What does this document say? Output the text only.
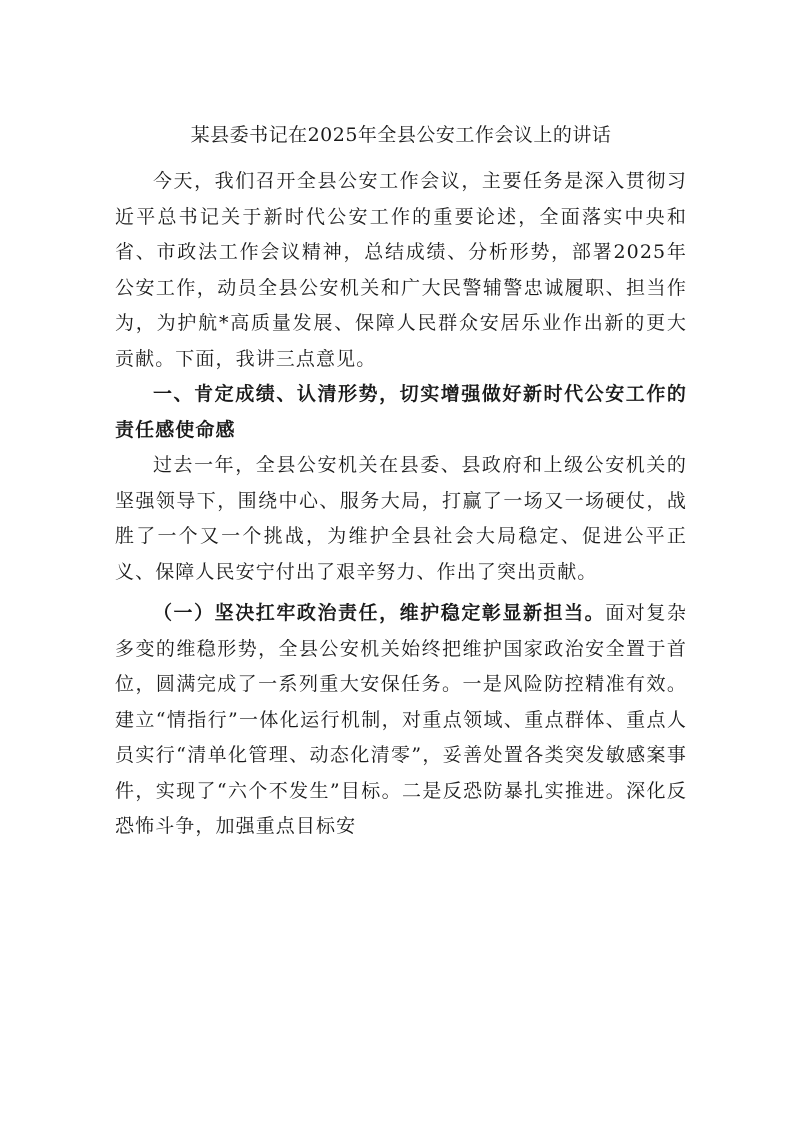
某县委书记在2025年全县公安工作会议上的讲话

今天，我们召开全县公安工作会议，主要任务是深入贯彻习近平总书记关于新时代公安工作的重要论述，全面落实中央和省、市政法工作会议精神，总结成绩、分析形势，部署2025年公安工作，动员全县公安机关和广大民警辅警忠诚履职、担当作为，为护航*高质量发展、保障人民群众安居乐业作出新的更大贡献。下面，我讲三点意见。

一、肯定成绩、认清形势，切实增强做好新时代公安工作的责任感使命感

过去一年，全县公安机关在县委、县政府和上级公安机关的坚强领导下，围绕中心、服务大局，打赢了一场又一场硬仗，战胜了一个又一个挑战，为维护全县社会大局稳定、促进公平正义、保障人民安宁付出了艰辛努力、作出了突出贡献。

（一）坚决扛牢政治责任，维护稳定彰显新担当。面对复杂多变的维稳形势，全县公安机关始终把维护国家政治安全置于首位，圆满完成了一系列重大安保任务。一是风险防控精准有效。建立“情指行”一体化运行机制，对重点领域、重点群体、重点人员实行“清单化管理、动态化清零”，妥善处置各类突发敏感案事件，实现了“六个不发生”目标。二是反恐防暴扎实推进。深化反恐怖斗争，加强重点目标安
